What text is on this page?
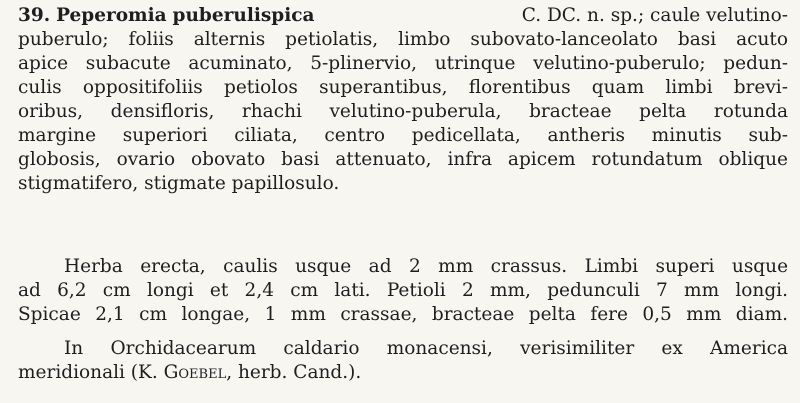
39. Peperomia puberulispica	C. DC. n. sp.; caule velutino-
puberulo; foliis alternis petiolatis, limbo subovato-lanceolato basi acuto
apice subacute acuminato, 5-plinervio, utrinque velutino-puberulo; pedun-
culis oppositifoliis petiolos superantibus, florentibus quam limbi brevi-
oribus, densifloris, rhachi velutino-puberula, bracteae pelta rotunda
margine superiori ciliata, centro pedicellata, antheris minutis sub-
globosis, ovario obovato basi attenuato, infra apicem rotundatum oblique
stigmatifero, stigmate papillosulo.
Herba erecta, caulis usque ad 2 mm crassus. Limbi superi usque
ad 6,2 cm longi et 2,4 cm lati. Petioli 2 mm, pedunculi 7 mm longi.
Spicae 2,1 cm longae, 1 mm crassae, bracteae pelta fere 0,5 mm diam.
In Orchidacearum caldario monacensi, verisimiliter ex America
meridionali (K. Goebel, herb. Cand.).
